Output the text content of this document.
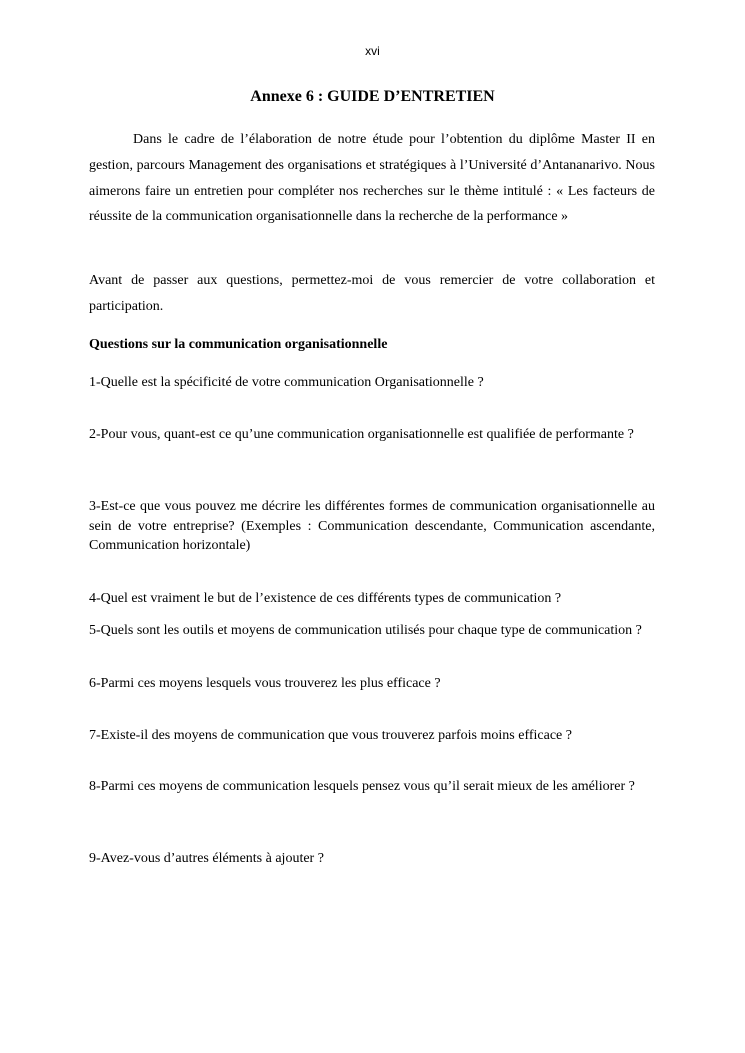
xvi
Annexe 6 : GUIDE D’ENTRETIEN

Dans le cadre de l’élaboration de notre étude pour l’obtention du diplôme Master II en gestion, parcours Management des organisations et stratégiques à l’Université d’Antananarivo. Nous aimerons faire un entretien pour compléter nos recherches sur le thème intitulé : « Les facteurs de réussite de la communication organisationnelle dans la recherche de la performance »

Avant de passer aux questions, permettez-moi de vous remercier de votre collaboration et participation.

Questions sur la communication organisationnelle
1-Quelle est la spécificité de votre communication Organisationnelle ?
2-Pour vous, quant-est ce qu’une communication organisationnelle est qualifiée de performante ?
3-Est-ce que vous pouvez me décrire les différentes formes de communication organisationnelle au sein de votre entreprise? (Exemples : Communication descendante, Communication ascendante, Communication horizontale)
4-Quel est vraiment le but de l’existence de ces différents types de communication ?
5-Quels sont les outils et moyens de communication utilisés pour chaque type de communication ?
6-Parmi ces moyens lesquels vous trouverez les plus efficace ?
7-Existe-il des moyens de communication que vous trouverez parfois moins efficace ?
8-Parmi ces moyens de communication lesquels pensez vous qu’il serait mieux de les améliorer ?
9-Avez-vous d’autres éléments à ajouter ?
